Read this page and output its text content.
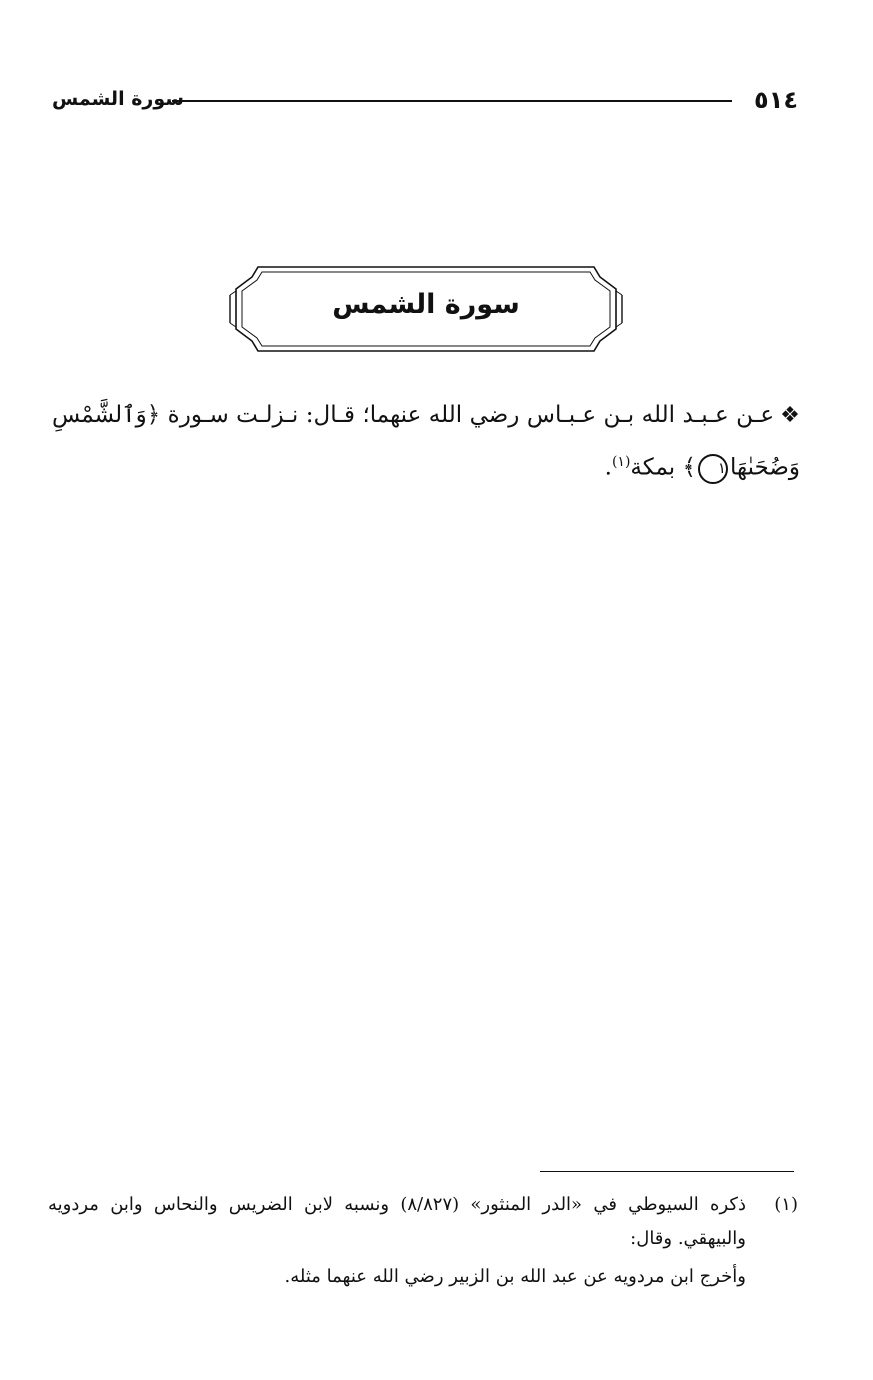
٥١٤
سورة الشمس
سورة الشمس
❖عـن عـبـد الله بـن عـبـاس رضي الله عنهما؛ قـال: نـزلـت سـورة ﴿وَٱلشَّمْسِ وَضُحَىٰهَا١﴾ بمكة$^{(١)}$.
(١)
ذكره السيوطي في «الدر المنثور» (٨/٨٢٧) ونسبه لابن الضريس والنحاس وابن مردويه والبيهقي. وقال:
وأخرج ابن مردويه عن عبد الله بن الزبير رضي الله عنهما مثله.
